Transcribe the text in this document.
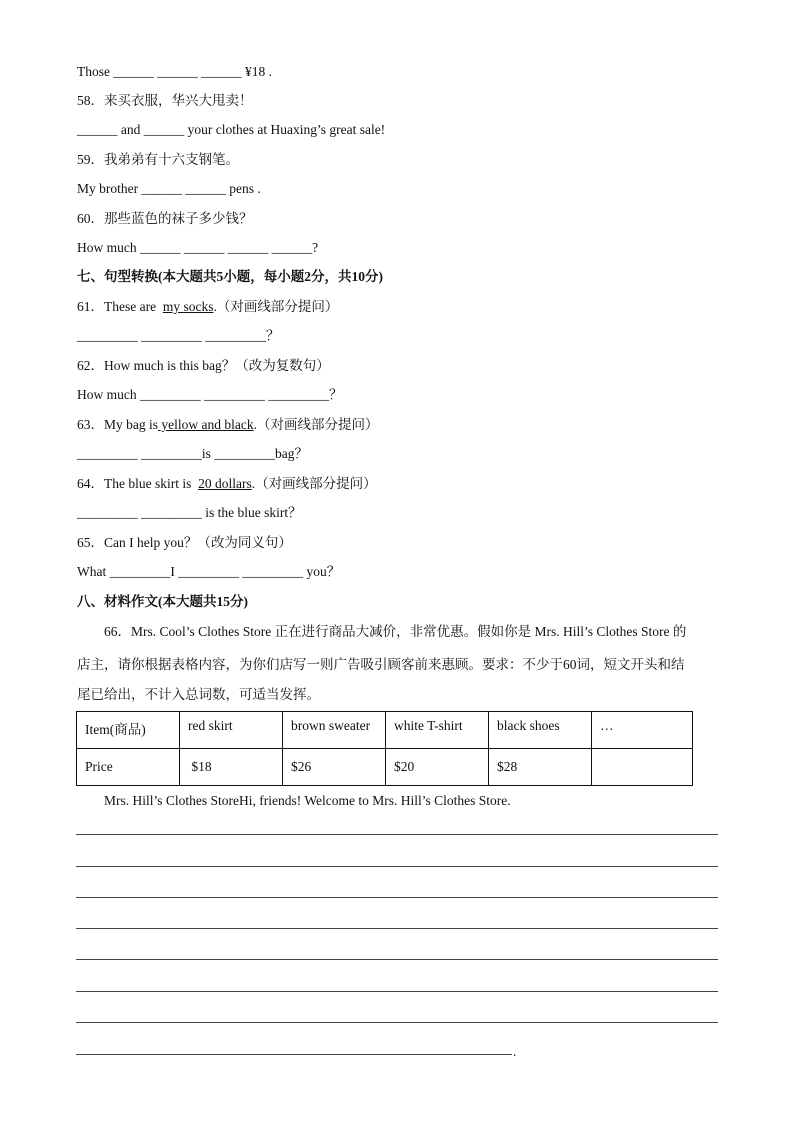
Those ______ ______ ______ ¥18 .
58．来买衣服，华兴大甩卖！
______ and ______ your clothes at Huaxing’s great sale!
59．我弟弟有十六支钢笔。
My brother ______ ______ pens .
60．那些蓝色的袜子多少钱？
How much ______ ______ ______ ______?
七、句型转换(本大题共5小题，每小题2分，共10分)
61．These are  my socks.（对画线部分提问）
_________ _________ _________？
62．How much is this bag？（改为复数句）
How much _________ _________ _________？
63．My bag is yellow and black.（对画线部分提问）
_________ _________is _________bag？
64．The blue skirt is  20 dollars.（对画线部分提问）
_________ _________ is the blue skirt？
65．Can I help you？（改为同义句）
What _________I _________ _________ you？
八、材料作文(本大题共15分)
66．Mrs. Cool’s Clothes Store 正在进行商品大减价，非常优惠。假如你是 Mrs. Hill’s Clothes Store 的
店主，请你根据表格内容，为你们店写一则广告吸引顾客前来惠顾。要求：不少于60词，短文开头和结
尾已给出，不计入总词数，可适当发挥。
Item(商品)	red skirt	brown sweater	white T-shirt	black shoes	…
Price	$18	$26	$20	$28	
Mrs. Hill’s Clothes StoreHi, friends! Welcome to Mrs. Hill’s Clothes Store.
.
